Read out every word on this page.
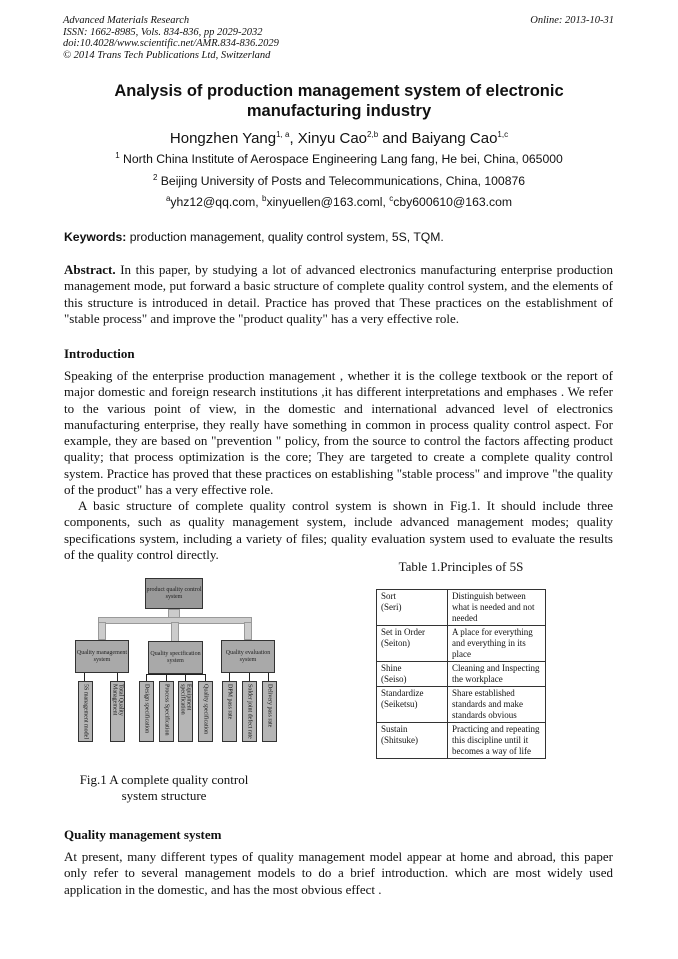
Advanced Materials Research
ISSN: 1662-8985, Vols. 834-836, pp 2029-2032
doi:10.4028/www.scientific.net/AMR.834-836.2029
© 2014 Trans Tech Publications Ltd, Switzerland
Online: 2013-10-31
Analysis of production management system of electronic manufacturing industry
Hongzhen Yang$^{1, a}$, Xinyu Cao$^{2,b}$ and Baiyang Cao$^{1,c}$
$^1$ North China Institute of Aerospace Engineering Lang fang, He bei, China, 065000
$^2$ Beijing University of Posts and Telecommunications, China, 100876
$^a$yhz12@qq.com, $^b$xinyuellen@163.coml, $^c$cby600610@163.com
Keywords: production management, quality control system, 5S, TQM.
Abstract. In this paper, by studying a lot of advanced electronics manufacturing enterprise production management mode, put forward a basic structure of complete quality control system, and the elements of this structure is introduced in detail. Practice has proved that These practices on the establishment of "stable process" and improve the "product quality" has a very effective role.
Introduction
Speaking of the enterprise production management , whether it is the college textbook or the report of major domestic and foreign research institutions ,it has different interpretations and emphases . We refer to the various point of view, in the domestic and international advanced level of electronics manufacturing enterprise, they really have something in common in process quality control aspect. For example, they are based on "prevention " policy, from the source to control the factors affecting product quality; that process optimization is the core; They are targeted to create a complete quality control system. Practice has proved that these practices on establishing "stable process" and improve "the quality of the product" has a very effective role.
A basic structure of complete quality control system is shown in Fig.1. It should include three components, such as quality management system, include advanced management modes; quality specifications system, including a variety of files; quality evaluation system used to evaluate the results of the quality control directly.
product quality control system
Quality management system
Quality specification system
Quality evaluation system
5S management model	Total Quality Management	Design specification	Process Specification	Equipment specification	Quality specification	DPM pass rate	Solder joint defect rate	Delivery pass rate
Fig.1 A complete quality control
system structure
Table 1.Principles of 5S
Sort
(Seri)	Distinguish between what is needed and not needed

Set in Order
(Seiton)	A place for everything and everything in its place

Shine
(Seiso)	Cleaning and Inspecting the workplace

Standardize
(Seiketsu)	Share established standards and make standards obvious

Sustain
(Shitsuke)	Practicing and repeating this discipline until it becomes a way of life
Quality management system
At present, many different types of quality management model appear at home and abroad, this paper only refer to several management models to do a brief introduction. which are most widely used application in the domestic, and has the most obvious effect .
